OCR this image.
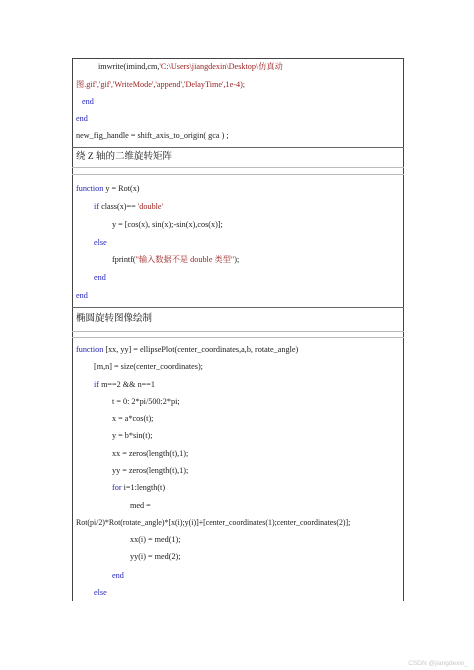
imwrite(imind,cm,'C:\Users\jiangdexin\Desktop\仿真动
图.gif','gif','WriteMode','append','DelayTime',1e-4);
end
end
new_fig_handle = shift_axis_to_origin( gca ) ;
绕 Z 轴的二维旋转矩阵
function y = Rot(x)
if class(x)== 'double'
y = [cos(x), sin(x);-sin(x),cos(x)];
else
fprintf("输入数据不是 double 类型");
end
end
椭圆旋转图像绘制
function [xx, yy] = ellipsePlot(center_coordinates,a,b, rotate_angle)
[m,n] = size(center_coordinates);
if m==2 && n==1
t = 0: 2*pi/500:2*pi;
x = a*cos(t);
y = b*sin(t);
xx = zeros(length(t),1);
yy = zeros(length(t),1);
for i=1:length(t)
med =
Rot(pi/2)*Rot(rotate_angle)*[x(i);y(i)]+[center_coordinates(1);center_coordinates(2)];
xx(i) = med(1);
yy(i) = med(2);
end
else
CSDN @jiangdexin_
